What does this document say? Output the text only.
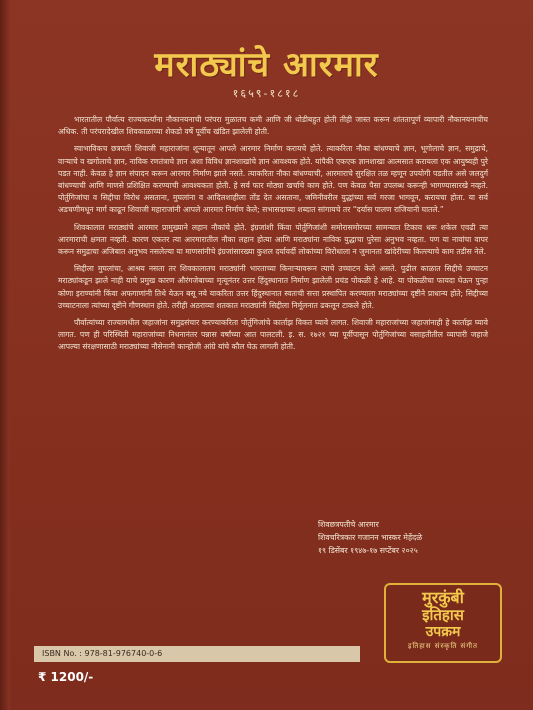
मराठ्यांचे आरमार
१६५९-१८१८

भारतातील पौर्वात्य राज्यकर्त्यांना नौकानयनाची परंपरा मुळातच कमी आणि जी थोडीबहुत होती तीही जास्त करून शांततापूर्ण व्यापारी नौकानयनाचीच अधिक. ती परंपरादेखील शिवकाळाच्या शेकडो वर्षे पूर्वीच खंडित झालेली होती.

स्वाभाविकच छत्रपती शिवाजी महाराजांना शून्यातून आपले आरमार निर्माण करायचे होते. त्याकरिता नौका बांधण्याचे ज्ञान, भूगोलाचे ज्ञान, समुद्राचे, वाऱ्याचे व खगोलाचे ज्ञान, नाविक रणतंत्राचे ज्ञान अशा विविध ज्ञानशाखांचे ज्ञान आवश्यक होते. यांपैकी एकएक ज्ञानशाखा आत्मसात करायला एक आयुष्यही पुरे पडत नाही. केवळ हे ज्ञान संपादन करून आरमार निर्माण झाले नसते. त्याकरिता नौका बांधण्याची, आरमाराचे सुरक्षित तळ म्हणून उपयोगी पडतील असे जलदुर्ग बांधण्याची आणि माणसे प्रशिक्षित करण्याची आवश्यकता होती. हे सर्व फार मोठ्या खर्चाचे काम होते. पण केवळ पैसा उपलब्ध करून्ही भागण्यासारखे नव्हते. पोर्तुगिजांचा व सिद्दीचा विरोध असताना, मुघलांना व आदिलशाहीला तोंड देत असताना, जमिनीवरील युद्धांच्या सर्व गरजा भागवून, करायचा होता. या सर्व अडचणीमधून मार्ग काढून शिवाजी महाराजांनी आपले आरमार निर्माण केले; सभासदाच्या शब्दात सांगायचे तर “दर्यास पालण राजियानी घातले.”

शिवकालात मराठ्यांचे आरमार प्रामुख्याने लहान नौकांचे होते. इंग्रजांशी किंवा पोर्तुगिजांशी समोरासमोरच्या सामन्यात टिकाव धरू शकेल एवढी त्या आरमाराची क्षमता नव्हती. कारण एकतर त्या आरमारातील नौका लहान होत्या आणि मराठ्यांना नाविक युद्धाचा पुरेसा अनुभव नव्हता. पण या नावांचा वापर करून समुद्राचा अजिबात अनुभव नसलेल्या या माणसांनीचे इंग्रजांसारख्या कुशल दर्यावर्दी लोकांच्या विरोधाला न जुमानता खांदेरीच्या किल्ल्याचे काम तडीस नेले.

सिद्दीला मुघलांचा, आश्रय नसता तर शिवकालातच मराठ्यांनी भारताच्या किनाऱ्यावरून त्याचे उच्चाटन केले असते. पुढील काळात सिद्दीचे उच्चाटन मराठ्यांकडून झाले नाही याचे प्रमुख कारण औरंगजेबाच्या मृत्यूनंतर उत्तर हिंदुस्थानात निर्माण झालेली प्रचंड पोकळी हे आहे. या पोकळीचा फायदा घेऊन पुन्हा कोणा इराण्यांनी किंवा अफगाणांनी तिथे येऊन बसू नये याकरिता उत्तर हिंदुस्थानात स्वतःची सत्ता प्रस्थापित करण्याला मराठ्यांच्या दृष्टीने प्राधान्य होते; सिद्दीच्या उच्चाटनाला त्यांच्या दृष्टीने गौणस्थान होते. तरीही अठराव्या शतकात मराठ्यांनी सिद्दीला निर्मूलनात ढकलून टाकले होते.

पौर्वात्यांच्या राज्यामधील जहाजांना समुद्रसंचार करण्याकरिता पोर्तुगिजांचे कार्ताझ विकत घ्यावे लागत. शिवाजी महाराजांच्या जहाजांनाही हे कार्ताझ घ्यावे लागत. पण ही परिस्थिती महाराजांच्या निधनानंतर पन्नास वर्षांच्या आत पालटली. इ. स. १७२१ च्या पूर्वीपासून पोर्तुगिजांच्या वसाहतीतील व्यापारी जहाजे आपल्या संरक्षणासाठी मराठ्यांच्या नौसेनानी कान्होजी आंग्रे यांचे कौल घेऊ लागली होती.

शिवछत्रपतीचे आरमार
शिवचरित्रकार गजानन भास्कर मेहेंदळे
१९ डिसेंबर १९४७-१७ सप्टेंबर २०२५
मुरकुंबी
इतिहास
उपक्रम
इतिहास संस्कृति संगीत
ISBN No. : 978-81-976740-0-6
₹ 1200/-
